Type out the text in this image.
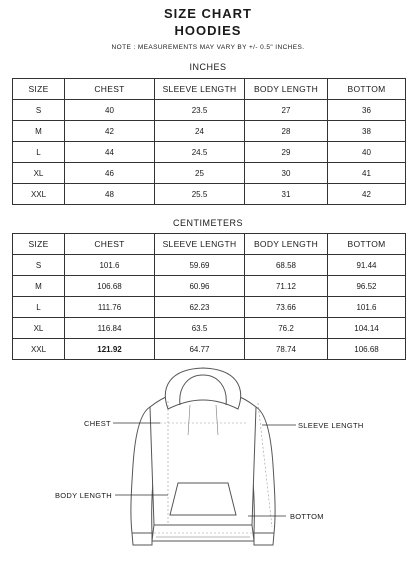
SIZE CHART
HOODIES
NOTE : MEASUREMENTS MAY VARY BY +/- 0.5" INCHES.
INCHES
SIZE	CHEST	SLEEVE LENGTH	BODY LENGTH	BOTTOM
S	40	23.5	27	36
M	42	24	28	38
L	44	24.5	29	40
XL	46	25	30	41
XXL	48	25.5	31	42
CENTIMETERS
SIZE	CHEST	SLEEVE LENGTH	BODY LENGTH	BOTTOM
S	101.6	59.69	68.58	91.44
M	106.68	60.96	71.12	96.52
L	111.76	62.23	73.66	101.6
XL	116.84	63.5	76.2	104.14
XXL	121.92	64.77	78.74	106.68
CHEST	SLEEVE LENGTH
BODY LENGTH
BOTTOM
